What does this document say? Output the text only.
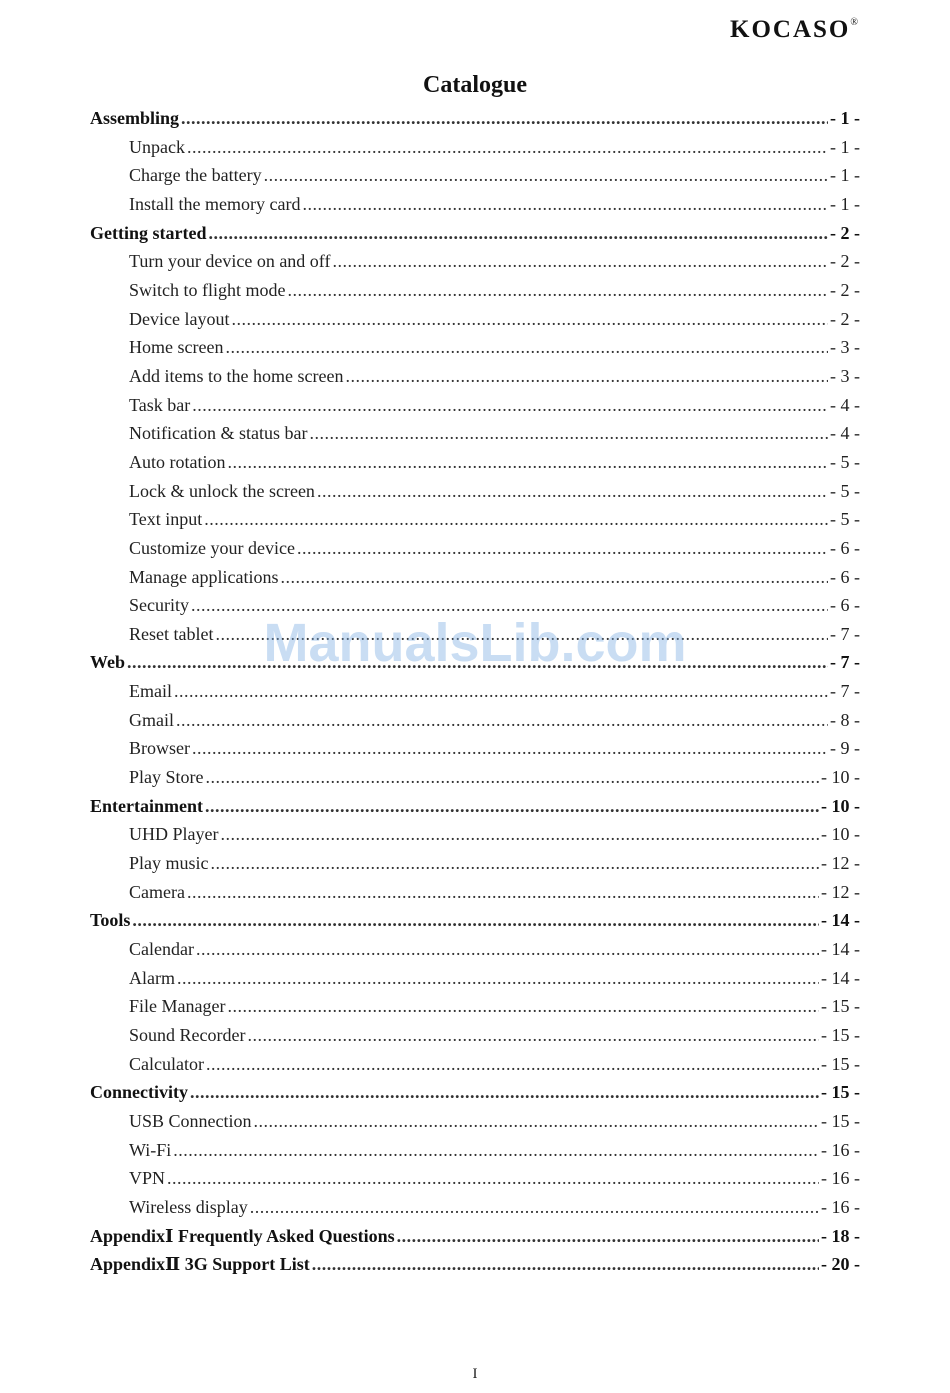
KOCASO®
Catalogue
Assembling .....	- 1 -
Unpack .....	- 1 -
Charge the battery .....	- 1 -
Install the memory card .....	- 1 -
Getting started .....	- 2 -
Turn your device on and off .....	- 2 -
Switch to flight mode .....	- 2 -
Device layout .....	- 2 -
Home screen .....	- 3 -
Add items to the home screen .....	- 3 -
Task bar .....	- 4 -
Notification & status bar .....	- 4 -
Auto rotation .....	- 5 -
Lock & unlock the screen .....	- 5 -
Text input .....	- 5 -
Customize your device .....	- 6 -
Manage applications .....	- 6 -
Security .....	- 6 -
Reset tablet .....	- 7 -
Web .....	- 7 -
Email .....	- 7 -
Gmail .....	- 8 -
Browser .....	- 9 -
Play Store .....	- 10 -
Entertainment .....	- 10 -
UHD Player .....	- 10 -
Play music .....	- 12 -
Camera .....	- 12 -
Tools .....	- 14 -
Calendar .....	- 14 -
Alarm .....	- 14 -
File Manager .....	- 15 -
Sound Recorder .....	- 15 -
Calculator .....	- 15 -
Connectivity .....	- 15 -
USB Connection .....	- 15 -
Wi-Fi .....	- 16 -
VPN .....	- 16 -
Wireless display .....	- 16 -
AppendixⅠ Frequently Asked Questions .....	- 18 -
AppendixⅡ 3G Support List .....	- 20 -
ManualsLib.com
I
